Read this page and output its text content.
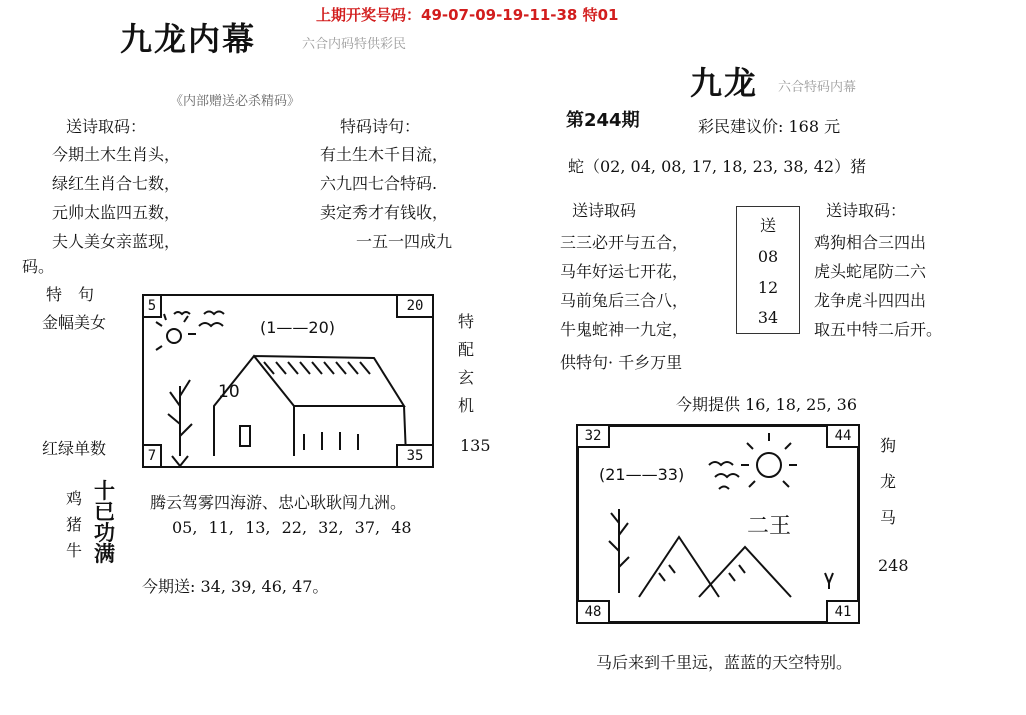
上期开奖号码：49-07-09-19-11-38 特01
九龙内幕	六合内码特供彩民
《内部赠送必杀精码》
送诗取码：	特码诗句：
今期土木生肖头，
绿红生肖合七数，
元帅太监四五数，
夫人美女亲蓝现，
有土生木千目流，
六九四七合特码.
卖定秀才有钱收，
一五一四成九
码。
特　句
金幅美女
红绿单数
(1——20)
10
5	20
7	35
特
配
玄
机
135
鸡
猪
牛
十
已
功
满
腾云驾雾四海游、忠心耿耿闯九洲。
05, 11, 13, 22, 32, 37, 48
今期送: 34, 39, 46, 47。
九龙 六合特码内幕
第244期	彩民建议价: 168 元
蛇（02, 04, 08, 17, 18, 23, 38, 42）猪
送诗取码	送诗取码：
三三必开与五合，
马年好运七开花，
马前兔后三合八，
牛鬼蛇神一九定，
送
08
12
34
鸡狗相合三四出
虎头蛇尾防二六
龙争虎斗四四出
取五中特二后开。
供特句· 千乡万里
今期提供 16, 18, 25, 36
(21——33)
二王
32	44
48	41
狗
龙
马
248
马后来到千里远，蓝蓝的天空特别。
